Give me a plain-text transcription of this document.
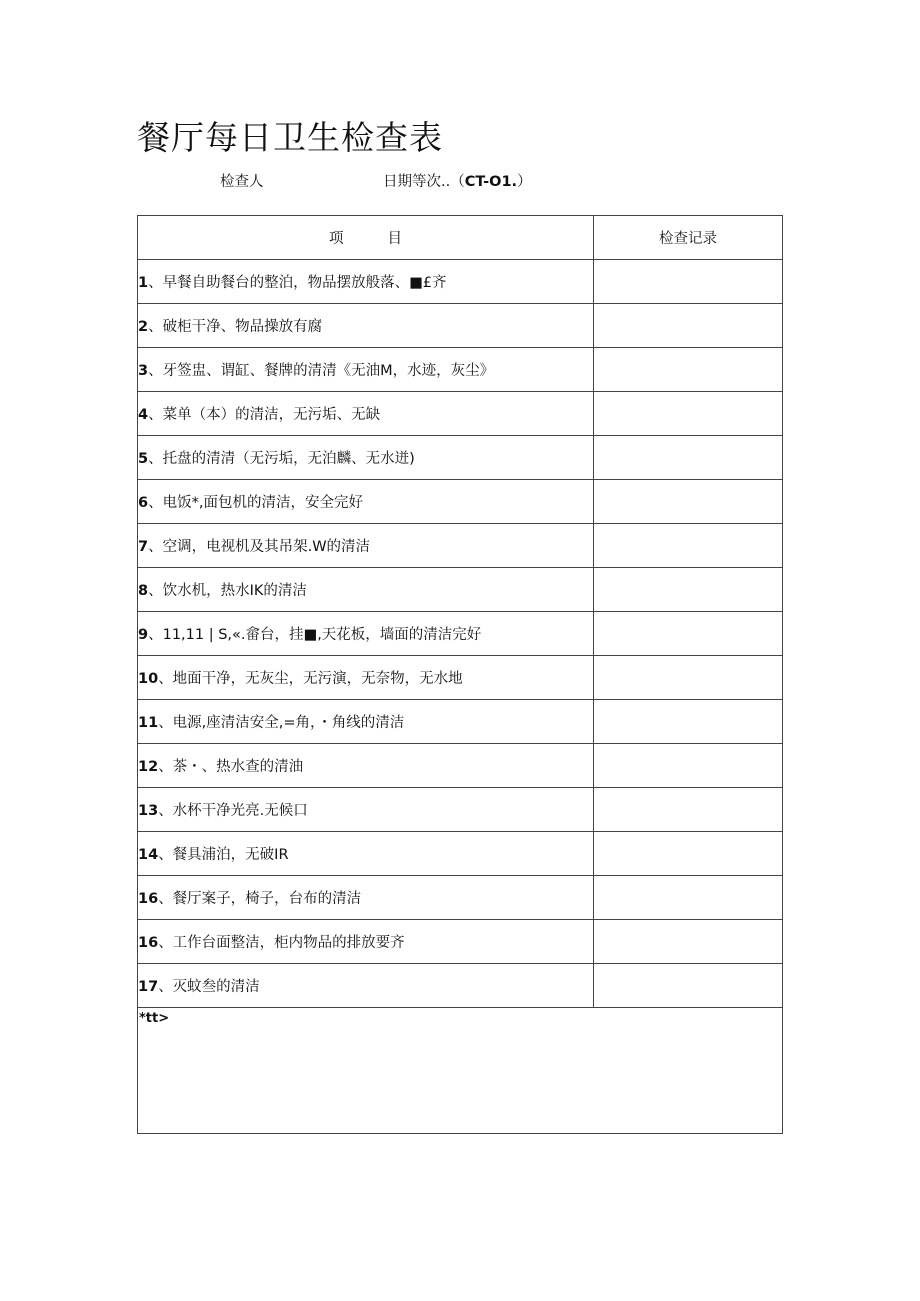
餐厅每日卫生检查表
检查人	日期等次..（CT-O1.）
项 目	检查记录
1、早餐自助餐台的整泊，物品摆放般落、■£齐	
2、破柜干净、物品操放有腐	
3、牙签盅、谓缸、餐牌的清清《无油M，水迹，灰尘》	
4、菜单（本）的清洁，无污垢、无缺	
5、托盘的清清（无污垢，无泊麟、无水迸)	
6、电饭*,面包机的清洁，安全完好	
7、空调，电视机及其吊架.W的清洁	
8、饮水机，热水IK的清洁	
9、11,11 | S,«.畲台，挂■,天花板，墙面的清洁完好	
10、地面干净，无灰尘，无污演，无奈物，无水地	
11、电源,座清洁安全,=角，・角线的清洁	
12、茶・、热水查的清油	
13、水杯干净光亮.无候口	
14、餐具浦泊，无破IR	
16、餐厅案子，椅子，台布的清洁	
16、工作台面整洁，柜内物品的排放要齐	
17、灭蚊叁的清洁	
*tt>	
